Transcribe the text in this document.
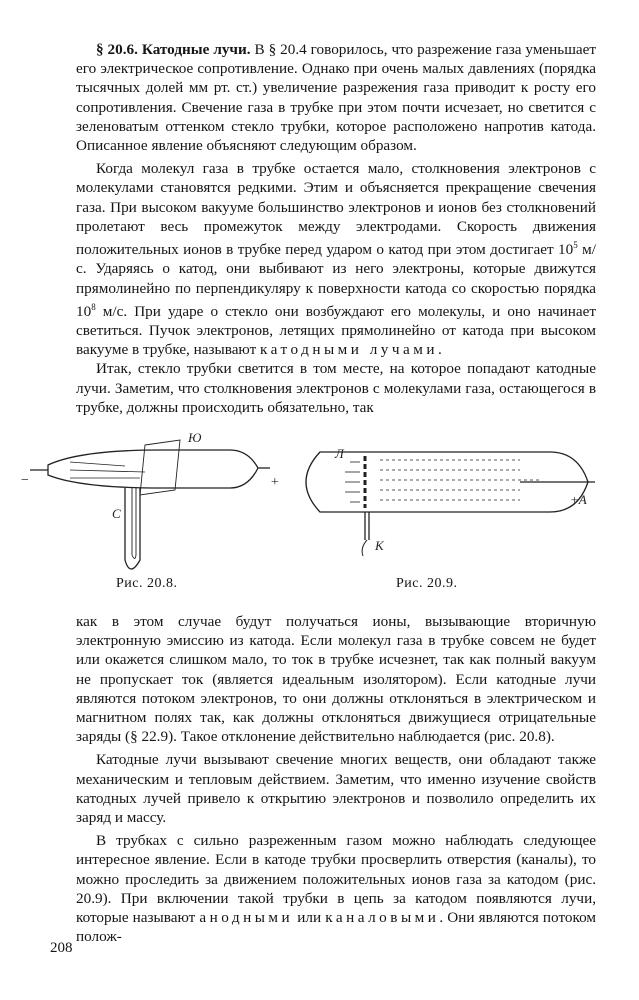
§ 20.6. Катодные лучи. В § 20.4 говорилось, что разрежение газа уменьшает его электрическое сопротивление. Однако при очень малых давлениях (порядка тысячных долей мм рт. ст.) увеличение разрежения газа приводит к росту его сопротивления. Свечение газа в трубке при этом почти исчезает, но светится с зеленоватым оттенком стекло трубки, которое расположено напротив катода. Описанное явление объясняют следующим образом.

Когда молекул газа в трубке остается мало, столкновения электронов с молекулами становятся редкими. Этим и объясняется прекращение свечения газа. При высоком вакууме большинство электронов и ионов без столкновений пролетают весь промежуток между электродами. Скорость движения положительных ионов в трубке перед ударом о катод при этом достигает $10^5$ м/с. Ударяясь о катод, они выбивают из него электроны, которые движутся прямолинейно по перпендикуляру к поверхности катода со скоростью порядка $10^8$ м/с. При ударе о стекло они возбуждают его молекулы, и оно начинает светиться. Пучок электронов, летящих прямолинейно от катода при высоком вакууме в трубке, называют катодными лучами.

Итак, стекло трубки светится в том месте, на которое попадают катодные лучи. Заметим, что столкновения электронов с молекулами газа, остающегося в трубке, должны происходить обязательно, так

Ю
С
−	+
Л
К
+А
Рис. 20.8.	Рис. 20.9.

как в этом случае будут получаться ионы, вызывающие вторичную электронную эмиссию из катода. Если молекул газа в трубке совсем не будет или окажется слишком мало, то ток в трубке исчезнет, так как полный вакуум не пропускает ток (является идеальным изолятором). Если катодные лучи являются потоком электронов, то они должны отклоняться в электрическом и магнитном полях так, как должны отклоняться движущиеся отрицательные заряды (§ 22.9). Такое отклонение действительно наблюдается (рис. 20.8).

Катодные лучи вызывают свечение многих веществ, они обладают также механическим и тепловым действием. Заметим, что именно изучение свойств катодных лучей привело к открытию электронов и позволило определить их заряд и массу.

В трубках с сильно разреженным газом можно наблюдать следующее интересное явление. Если в катоде трубки просверлить отверстия (каналы), то можно проследить за движением положительных ионов газа за катодом (рис. 20.9). При включении такой трубки в цепь за катодом появляются лучи, которые называют анодными или каналовыми. Они являются потоком полож-

208
